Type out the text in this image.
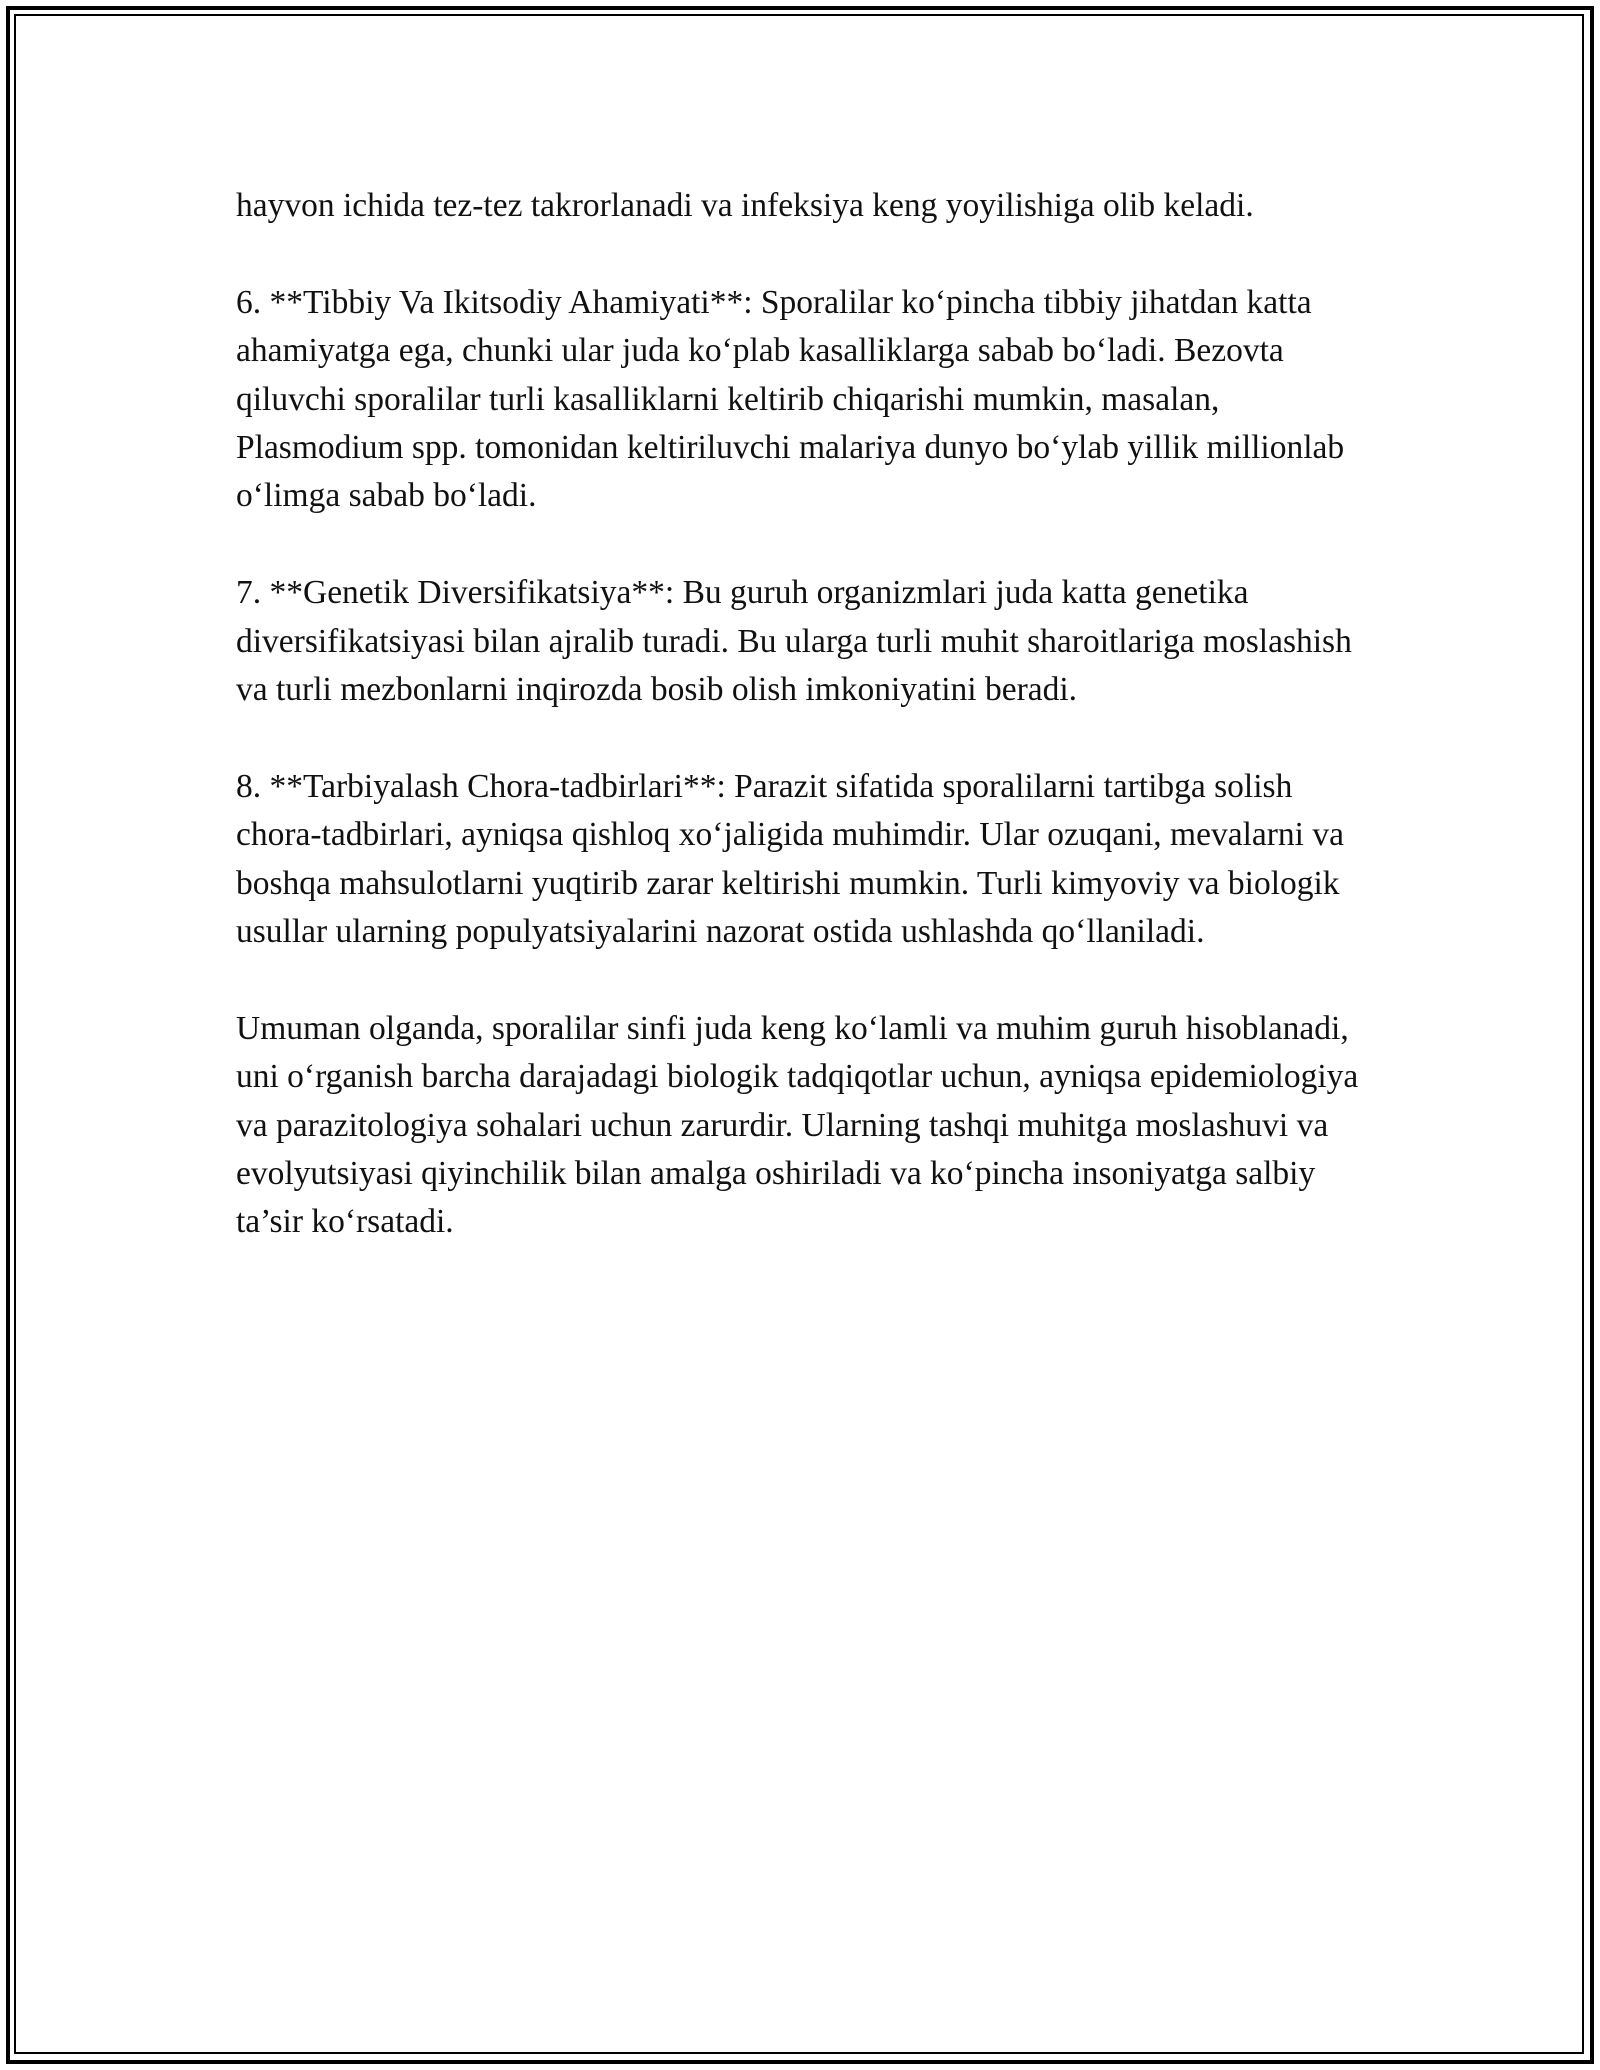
hayvon ichida tez-tez takrorlanadi va infeksiya keng yoyilishiga olib keladi.

6. **Tibbiy Va Ikitsodiy Ahamiyati**: Sporalilar ko‘pincha tibbiy jihatdan katta ahamiyatga ega, chunki ular juda ko‘plab kasalliklarga sabab bo‘ladi. Bezovta qiluvchi sporalilar turli kasalliklarni keltirib chiqarishi mumkin, masalan, Plasmodium spp. tomonidan keltiriluvchi malariya dunyo bo‘ylab yillik millionlab o‘limga sabab bo‘ladi.

7. **Genetik Diversifikatsiya**: Bu guruh organizmlari juda katta genetika diversifikatsiyasi bilan ajralib turadi. Bu ularga turli muhit sharoitlariga moslashish va turli mezbonlarni inqirozda bosib olish imkoniyatini beradi.

8. **Tarbiyalash Chora-tadbirlari**: Parazit sifatida sporalilarni tartibga solish chora-tadbirlari, ayniqsa qishloq xo‘jaligida muhimdir. Ular ozuqani, mevalarni va boshqa mahsulotlarni yuqtirib zarar keltirishi mumkin. Turli kimyoviy va biologik usullar ularning populyatsiyalarini nazorat ostida ushlashda qo‘llaniladi.

Umuman olganda, sporalilar sinfi juda keng ko‘lamli va muhim guruh hisoblanadi, uni o‘rganish barcha darajadagi biologik tadqiqotlar uchun, ayniqsa epidemiologiya va parazitologiya sohalari uchun zarurdir. Ularning tashqi muhitga moslashuvi va evolyutsiyasi qiyinchilik bilan amalga oshiriladi va ko‘pincha insoniyatga salbiy ta’sir ko‘rsatadi.
